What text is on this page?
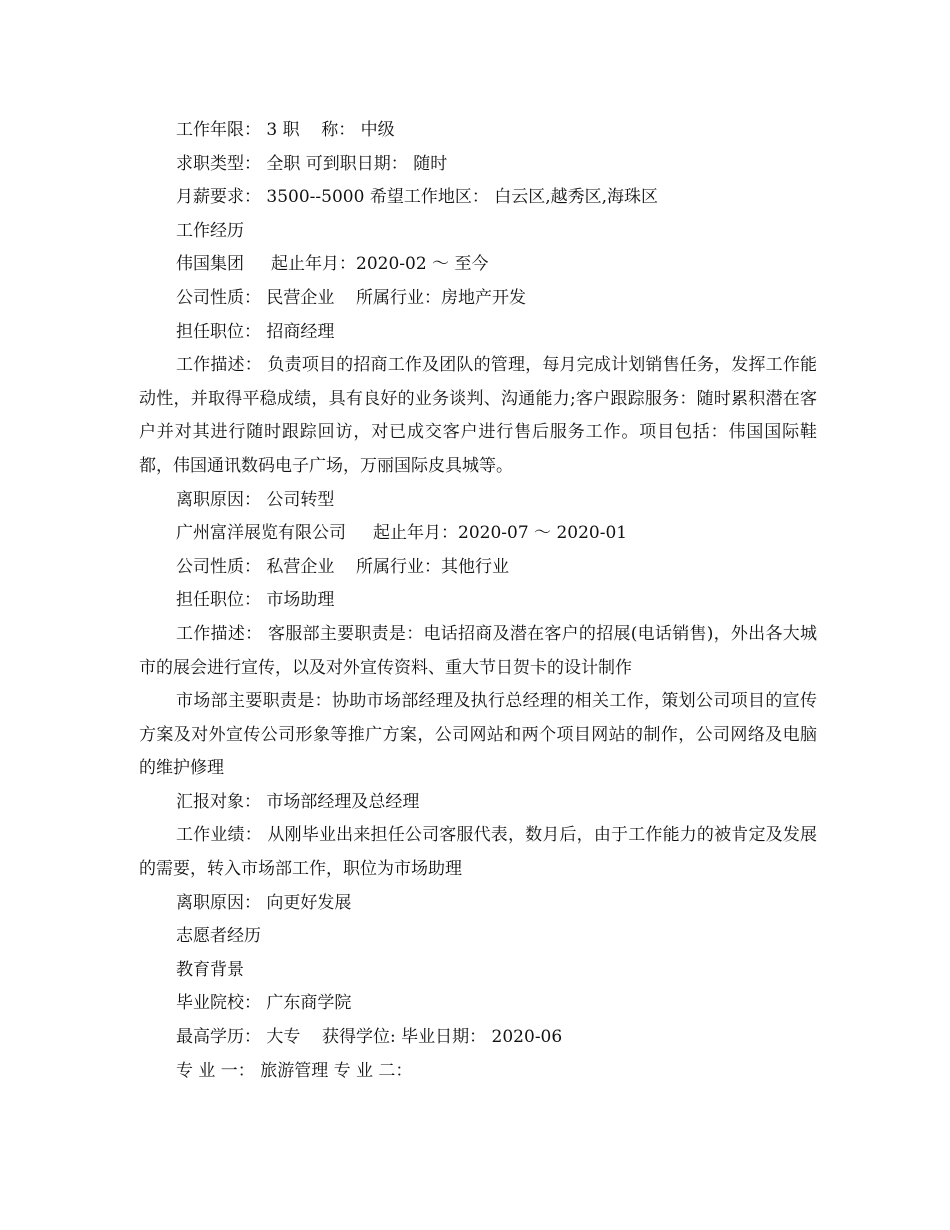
工作年限： 3 职    称： 中级
求职类型： 全职 可到职日期： 随时
月薪要求： 3500--5000 希望工作地区： 白云区,越秀区,海珠区
工作经历
伟国集团     起止年月：2020-02 ～ 至今
公司性质： 民营企业    所属行业：房地产开发
担任职位： 招商经理

工作描述： 负责项目的招商工作及团队的管理，每月完成计划销售任务，发挥工作能动性，并取得平稳成绩，具有良好的业务谈判、沟通能力;客户跟踪服务：随时累积潜在客户并对其进行随时跟踪回访，对已成交客户进行售后服务工作。项目包括：伟国国际鞋都，伟国通讯数码电子广场，万丽国际皮具城等。

离职原因： 公司转型
广州富洋展览有限公司     起止年月：2020-07 ～ 2020-01
公司性质： 私营企业    所属行业：其他行业
担任职位： 市场助理

工作描述： 客服部主要职责是：电话招商及潜在客户的招展(电话销售)，外出各大城市的展会进行宣传，以及对外宣传资料、重大节日贺卡的设计制作

市场部主要职责是：协助市场部经理及执行总经理的相关工作，策划公司项目的宣传方案及对外宣传公司形象等推广方案，公司网站和两个项目网站的制作，公司网络及电脑的维护修理

汇报对象： 市场部经理及总经理

工作业绩： 从刚毕业出来担任公司客服代表，数月后，由于工作能力的被肯定及发展的需要，转入市场部工作，职位为市场助理

离职原因： 向更好发展
志愿者经历
教育背景
毕业院校： 广东商学院
最高学历： 大专    获得学位: 毕业日期： 2020-06
专 业 一： 旅游管理 专 业 二：
